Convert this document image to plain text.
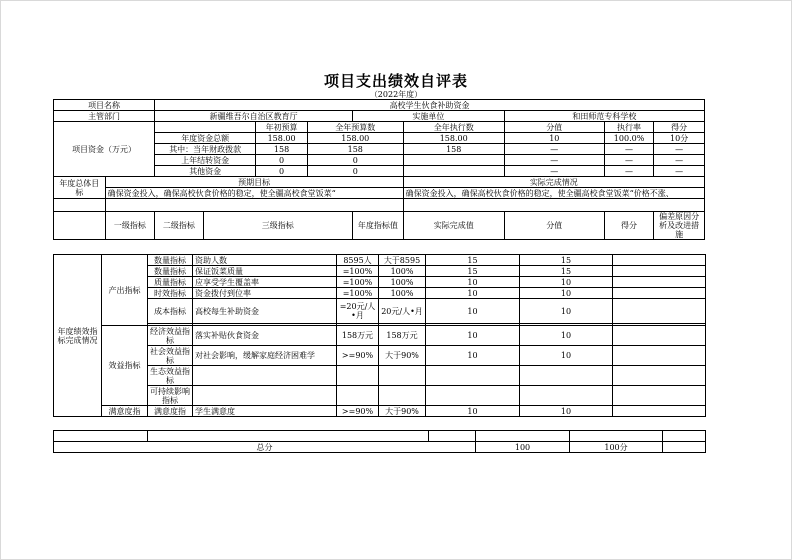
项目支出绩效自评表
（2022年度）
项目名称		高校学生伙食补助资金								
主管部门		新疆维吾尔自治区教育厅				实施单位		和田师范专科学校		
项目资金（万元）				年初预算	全年预算数		全年执行数	分值	执行率	得分
		年度资金总额		158.00	158.00		158.00	10	100.0%	10分
		其中：当年财政拨款		158	158		158	—	—	—
		上年结转资金		0	0			—	—	—
		其他资金		0	0			—	—	—
年度总体目标	预期目标						实际完成情况			
	确保资金投入，确保高校伙食价格的稳定，使全疆高校食堂饭菜“						确保资金投入，确保高校伙食价格的稳定，使全疆高校食堂饭菜“价格不涨、			

	一级指标	二级指标	三级指标			年度指标值	实际完成值	分值	得分	偏差原因分析及改进措施
年度绩效指标完成情况	产出指标	数量指标	资助人数	8595人	大于8595	15	15	
		数量指标	保证饭菜质量	=100%	100%	15	15	
		质量指标	应享受学生覆盖率	=100%	100%	10	10	
		时效指标	资金拨付到位率	=100%	100%	10	10	
		成本指标	高校每生补助资金	=20元/人•月	20元/人•月	10	10	

	效益指标	经济效益指标	落实补贴伙食资金	158万元	158万元	10	10	
		社会效益指标	对社会影响，缓解家庭经济困难学	>=90%	大于90%	10	10	
		生态效益指标						
		可持续影响指标						
	满意度指	满意度指	学生满意度	>=90%	大于90%	10	10	

总分			100	100分	
